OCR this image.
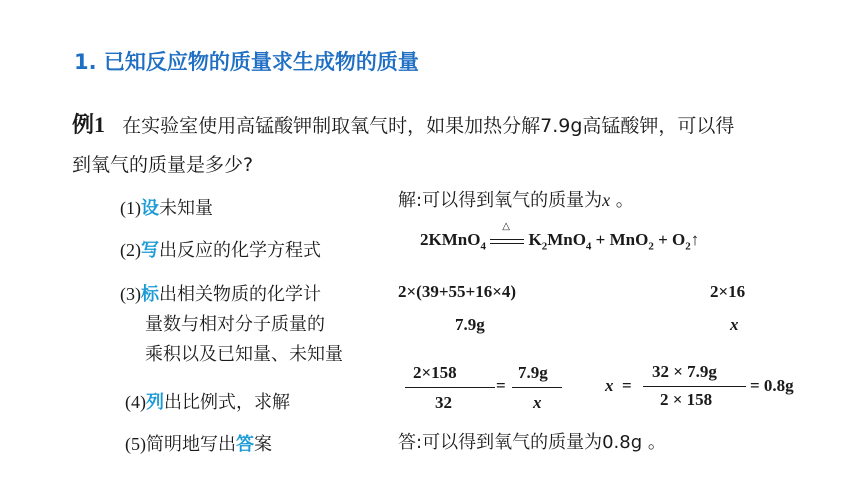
1. 已知反应物的质量求生成物的质量
例1 在实验室使用高锰酸钾制取氧气时，如果加热分解7.9g高锰酸钾，可以得
到氧气的质量是多少?
(1)设未知量
(2)写出反应的化学方程式
(3)标出相关物质的化学计
量数与相对分子质量的
乘积以及已知量、未知量
(4)列出比例式，求解
(5)简明地写出答案
解:可以得到氧气的质量为x 。
2KMnO$_4$
△
$K_2MnO_4 + MnO_2$ + $O_2↑$
2×(39+55+16×4)	2×16
7.9g	x
2×158
32
=
7.9g
x
x =
32 × 7.9g
2 × 158
= 0.8g
答:可以得到氧气的质量为0.8g 。
